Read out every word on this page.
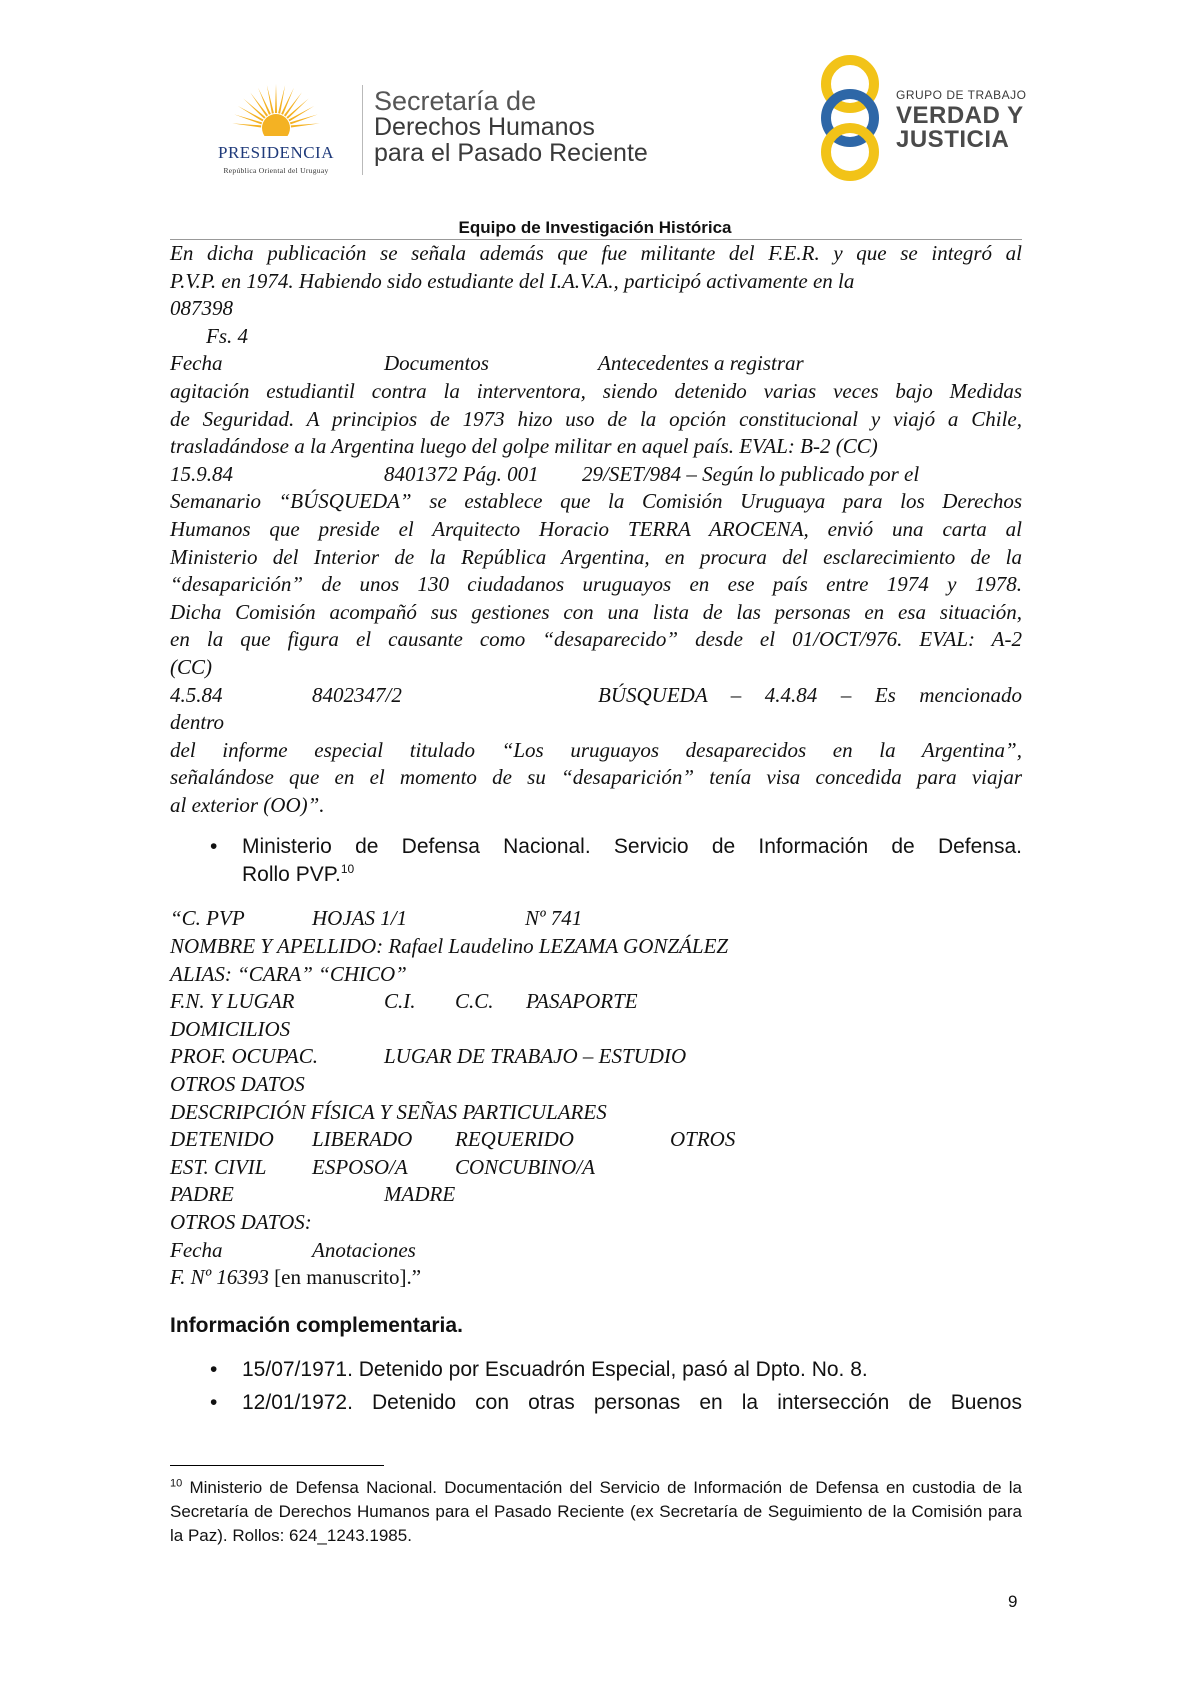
PRESIDENCIA
República Oriental del Uruguay
Secretaría de
Derechos Humanos
para el Pasado Reciente
GRUPO DE TRABAJO
VERDAD Y
JUSTICIA
Equipo de Investigación Histórica
En dicha publicación se señala además que fue militante del F.E.R. y que se integró al
P.V.P. en 1974. Habiendo sido estudiante del I.A.V.A., participó activamente en la
087398
Fs. 4
Fecha	Documentos	Antecedentes a registrar
agitación estudiantil contra la interventora, siendo detenido varias veces bajo Medidas
de Seguridad. A principios de 1973 hizo uso de la opción constitucional y viajó a Chile,
trasladándose a la Argentina luego del golpe militar en aquel país. EVAL: B-2 (CC)
15.9.84	8401372 Pág. 001 29/SET/984 – Según lo publicado por el
Semanario “BÚSQUEDA” se establece que la Comisión Uruguaya para los Derechos
Humanos que preside el Arquitecto Horacio TERRA AROCENA, envió una carta al
Ministerio del Interior de la República Argentina, en procura del esclarecimiento de la
“desaparición” de unos 130 ciudadanos uruguayos en ese país entre 1974 y 1978.
Dicha Comisión acompañó sus gestiones con una lista de las personas en esa situación,
en la que figura el causante como “desaparecido” desde el 01/OCT/976. EVAL: A-2
(CC)
4.5.84	8402347/2	BÚSQUEDA – 4.4.84 – Es mencionado
dentro
del informe especial titulado “Los uruguayos desaparecidos en la Argentina”,
señalándose que en el momento de su “desaparición” tenía visa concedida para viajar
al exterior (OO)”.
• Ministerio de Defensa Nacional. Servicio de Información de Defensa.
Rollo PVP.$^{10}$
“C. PVP	HOJAS 1/1	Nº 741
NOMBRE Y APELLIDO: Rafael Laudelino LEZAMA GONZÁLEZ
ALIAS: “CARA” “CHICO”
F.N. Y LUGAR	C.I. C.C. PASAPORTE
DOMICILIOS
PROF. OCUPAC.	LUGAR DE TRABAJO – ESTUDIO
OTROS DATOS
DESCRIPCIÓN FÍSICA Y SEÑAS PARTICULARES
DETENIDO LIBERADO REQUERIDO	OTROS
EST. CIVIL ESPOSO/A CONCUBINO/A
PADRE	MADRE
OTROS DATOS:
Fecha	Anotaciones
F. Nº 16393 [en manuscrito].”
Información complementaria.
• 15/07/1971. Detenido por Escuadrón Especial, pasó al Dpto. No. 8.
• 12/01/1972. Detenido con otras personas en la intersección de Buenos
$^{10}$ Ministerio de Defensa Nacional. Documentación del Servicio de Información de Defensa en custodia de la Secretaría de Derechos Humanos para el Pasado Reciente (ex Secretaría de Seguimiento de la Comisión para la Paz). Rollos: 624_1243.1985.
9
